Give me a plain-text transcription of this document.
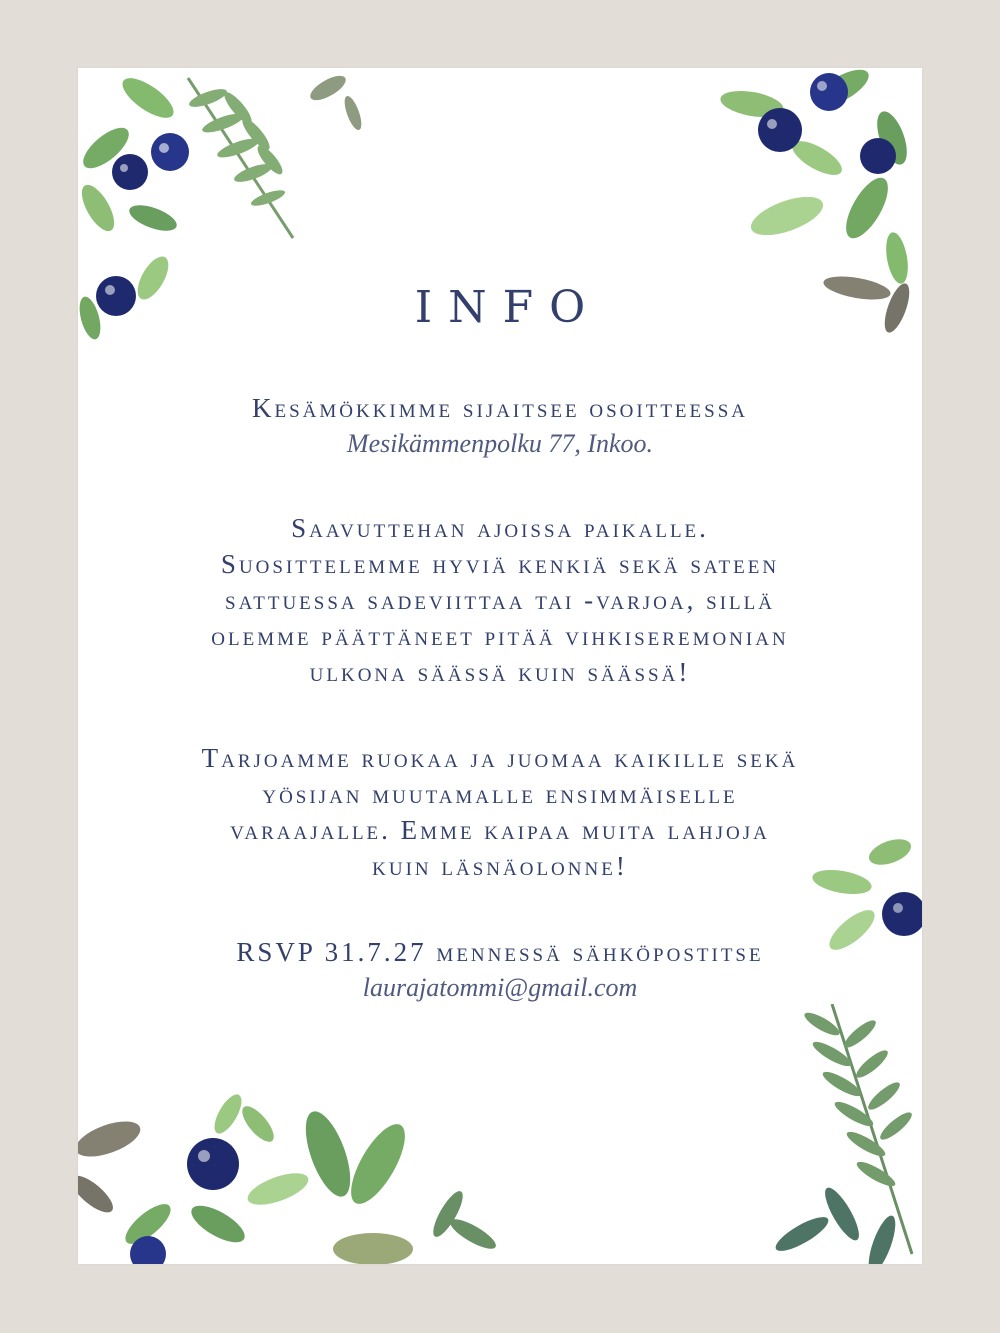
INFO

Kesämökkimme sijaitsee osoitteessa

Mesikämmenpolku 77, Inkoo.

Saavuttehan ajoissa paikalle.

Suosittelemme hyviä kenkiä sekä sateen

sattuessa sadeviittaa tai -varjoa, sillä

olemme päättäneet pitää vihkiseremonian

ulkona säässä kuin säässä!

Tarjoamme ruokaa ja juomaa kaikille sekä

yösijan muutamalle ensimmäiselle

varaajalle. Emme kaipaa muita lahjoja

kuin läsnäolonne!

RSVP 31.7.27 mennessä sähköpostitse

laurajatommi@gmail.com
